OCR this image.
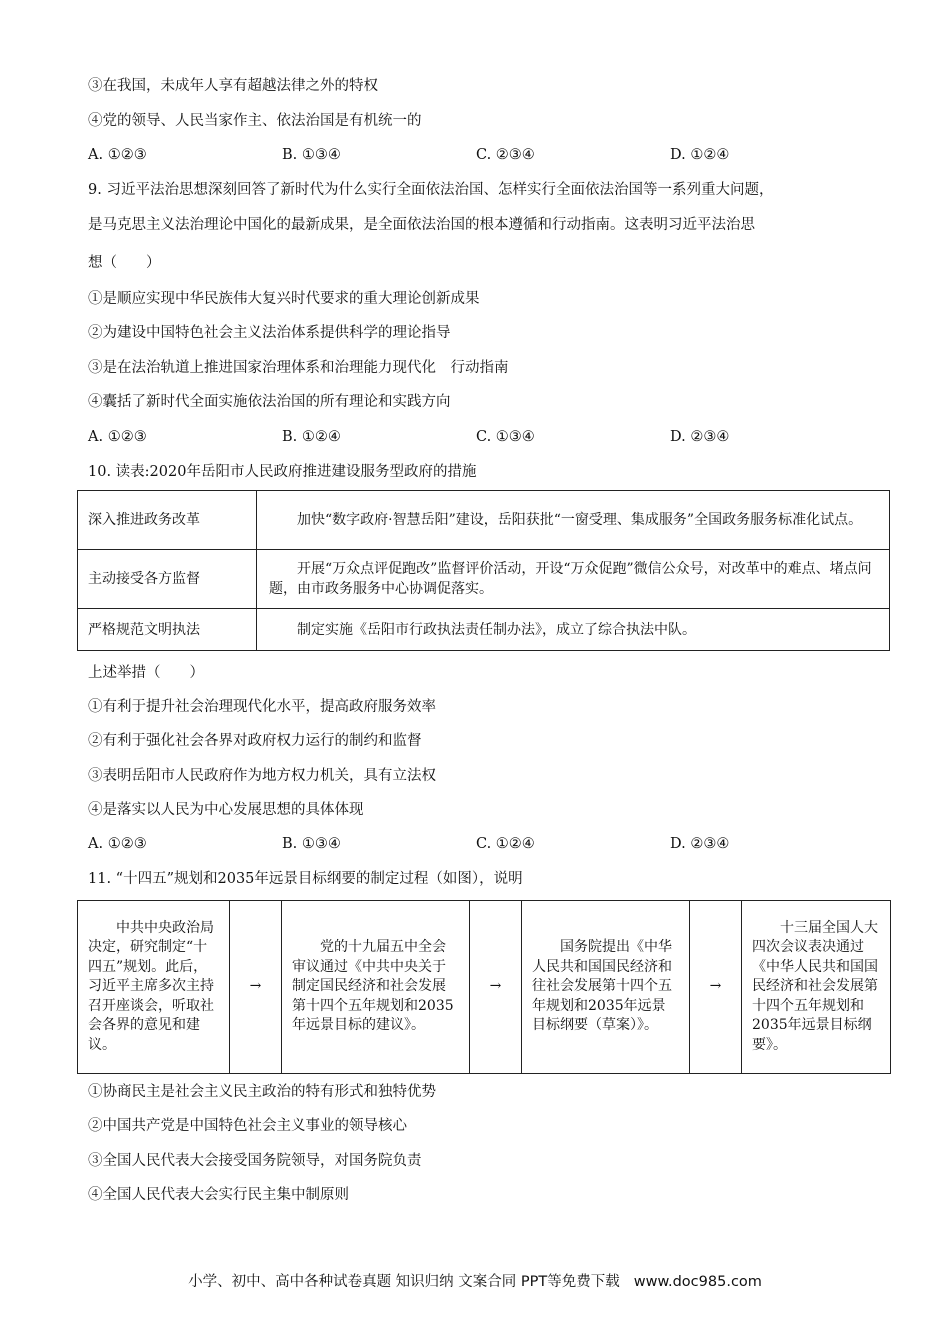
③在我国，未成年人享有超越法律之外的特权
④党的领导、人民当家作主、依法治国是有机统一的
A. ①②③	B. ①③④	C. ②③④	D. ①②④
9. 习近平法治思想深刻回答了新时代为什么实行全面依法治国、怎样实行全面依法治国等一系列重大问题，
是马克思主义法治理论中国化的最新成果，是全面依法治国的根本遵循和行动指南。这表明习近平法治思
想（　　）
①是顺应实现中华民族伟大复兴时代要求的重大理论创新成果
②为建设中国特色社会主义法治体系提供科学的理论指导
③是在法治轨道上推进国家治理体系和治理能力现代化　行动指南
④囊括了新时代全面实施依法治国的所有理论和实践方向
A. ①②③	B. ①②④	C. ①③④	D. ②③④
10. 读表:2020年岳阳市人民政府推进建设服务型政府的措施
深入推进政务改革	加快“数字政府·智慧岳阳”建设，岳阳获批“一窗受理、集成服务”全国政务服务标准化试点。
主动接受各方监督	开展“万众点评促跑改”监督评价活动，开设“万众促跑”微信公众号，对改革中的难点、堵点问题，由市政务服务中心协调促落实。
严格规范文明执法	制定实施《岳阳市行政执法责任制办法》，成立了综合执法中队。
上述举措（　　）
①有利于提升社会治理现代化水平，提高政府服务效率
②有利于强化社会各界对政府权力运行的制约和监督
③表明岳阳市人民政府作为地方权力机关，具有立法权
④是落实以人民为中心发展思想的具体体现
A. ①②③	B. ①③④	C. ①②④	D. ②③④
11. “十四五”规划和2035年远景目标纲要的制定过程（如图），说明
中共中央政治局决定，研究制定“十四五”规划。此后，习近平主席多次主持召开座谈会，听取社会各界的意见和建议。	→	党的十九届五中全会审议通过《中共中央关于制定国民经济和社会发展第十四个五年规划和2035年远景目标的建议》。	→	国务院提出《中华人民共和国国民经济和往社会发展第十四个五年规划和2035年远景目标纲要（草案）》。	→	十三届全国人大四次会议表决通过《中华人民共和国国民经济和社会发展第十四个五年规划和2035年远景目标纲要》。
①协商民主是社会主义民主政治的特有形式和独特优势
②中国共产党是中国特色社会主义事业的领导核心
③全国人民代表大会接受国务院领导，对国务院负责
④全国人民代表大会实行民主集中制原则
小学、初中、高中各种试卷真题 知识归纳 文案合同 PPT等免费下载 www.doc985.com
